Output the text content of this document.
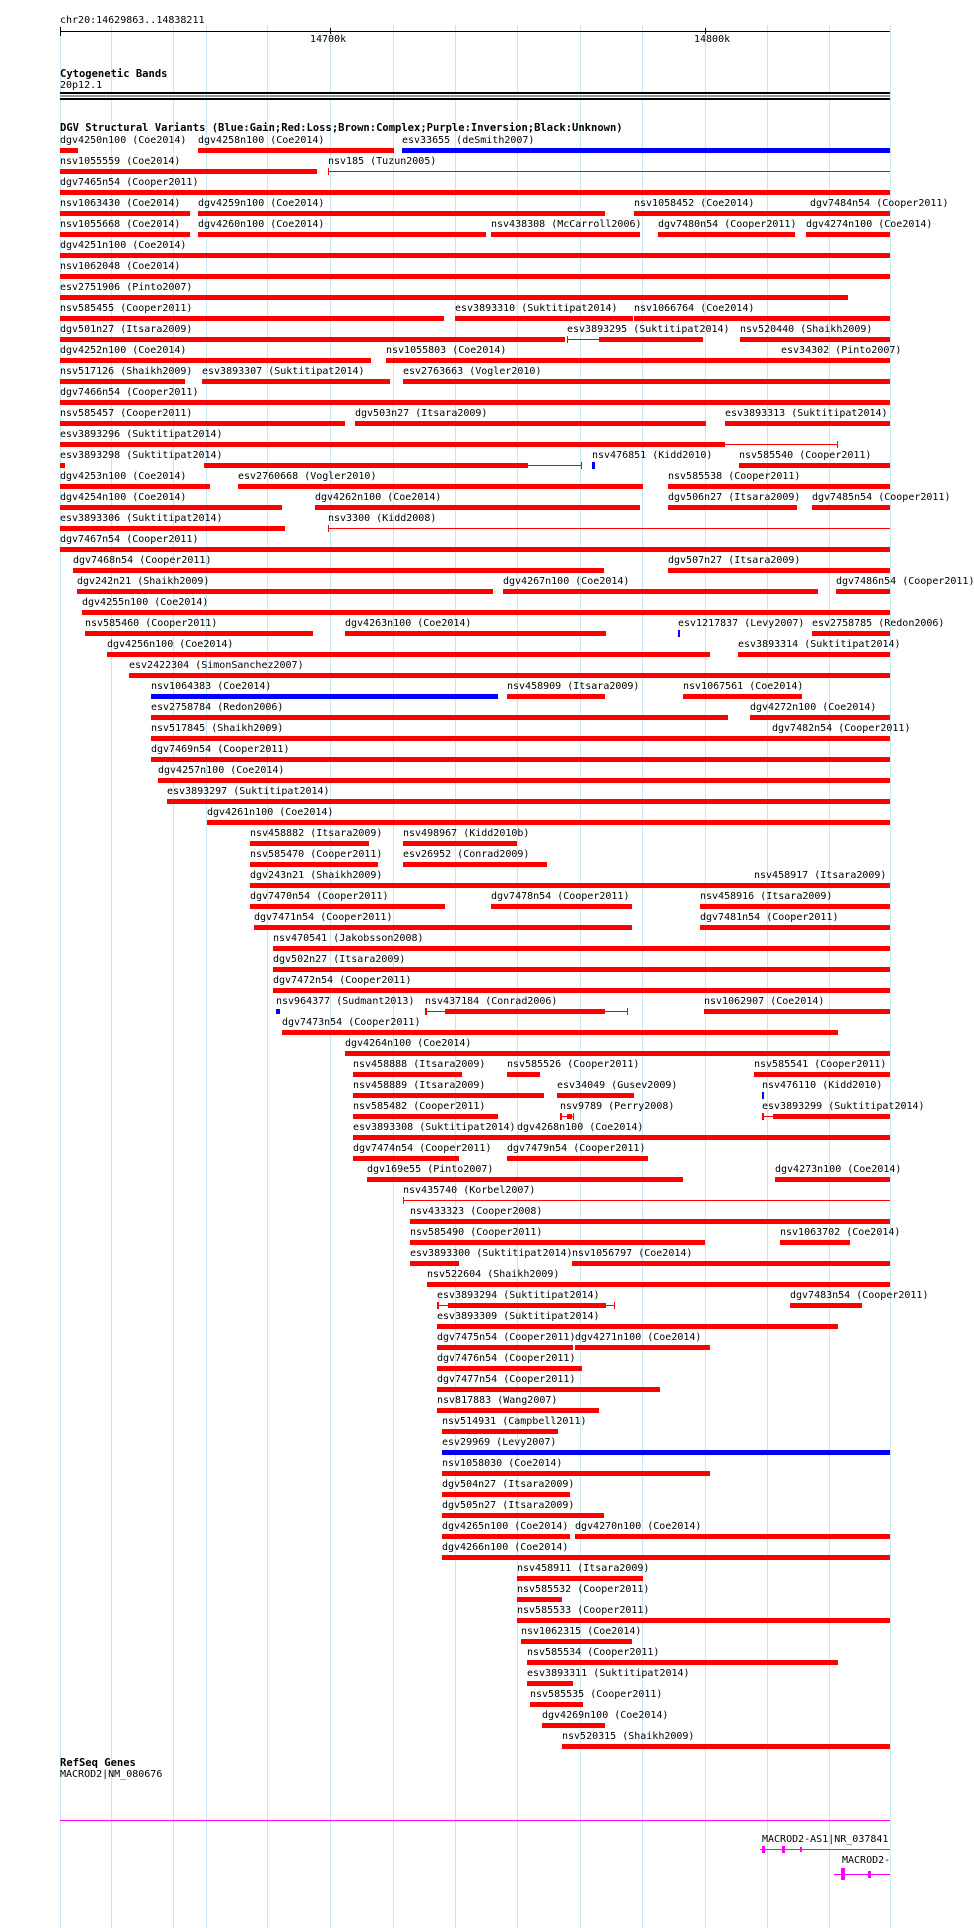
chr20:14629863..14838211
14700k	14800k
Cytogenetic Bands
20p12.1
DGV Structural Variants (Blue:Gain;Red:Loss;Brown:Complex;Purple:Inversion;Black:Unknown)
dgv4250n100 (Coe2014) dgv4258n100 (Coe2014)	esv33655 (deSmith2007)
nsv1055559 (Coe2014)	nsv185 (Tuzun2005)
dgv7465n54 (Cooper2011)
nsv1063430 (Coe2014) dgv4259n100 (Coe2014)	nsv1058452 (Coe2014)	dgv7484n54 (Cooper2011)
nsv1055668 (Coe2014) dgv4260n100 (Coe2014)	nsv438308 (McCarroll2006) dgv7480n54 (Cooper2011) dgv4274n100 (Coe2014)
dgv4251n100 (Coe2014)
nsv1062048 (Coe2014)
esv2751906 (Pinto2007)
nsv585455 (Cooper2011)	esv3893310 (Suktitipat2014) nsv1066764 (Coe2014)
dgv501n27 (Itsara2009)	esv3893295 (Suktitipat2014) nsv520440 (Shaikh2009)
dgv4252n100 (Coe2014)	nsv1055803 (Coe2014)	esv34302 (Pinto2007)
nsv517126 (Shaikh2009) esv3893307 (Suktitipat2014)	esv2763663 (Vogler2010)
dgv7466n54 (Cooper2011)
nsv585457 (Cooper2011)	dgv503n27 (Itsara2009)	esv3893313 (Suktitipat2014)
esv3893296 (Suktitipat2014)
esv3893298 (Suktitipat2014)	nsv476851 (Kidd2010)	nsv585540 (Cooper2011)
dgv4253n100 (Coe2014)	esv2760668 (Vogler2010)	nsv585538 (Cooper2011)
dgv4254n100 (Coe2014)	dgv4262n100 (Coe2014)	dgv506n27 (Itsara2009) dgv7485n54 (Cooper2011)
esv3893306 (Suktitipat2014)	nsv3300 (Kidd2008)
dgv7467n54 (Cooper2011)
dgv7468n54 (Cooper2011)	dgv507n27 (Itsara2009)
dgv242n21 (Shaikh2009)	dgv4267n100 (Coe2014)	dgv7486n54 (Cooper2011)
dgv4255n100 (Coe2014)
nsv585460 (Cooper2011)	dgv4263n100 (Coe2014)	esv1217837 (Levy2007) esv2758785 (Redon2006)
dgv4256n100 (Coe2014)	esv3893314 (Suktitipat2014)
esv2422304 (SimonSanchez2007)
nsv1064383 (Coe2014)	nsv458909 (Itsara2009)	nsv1067561 (Coe2014)
esv2758784 (Redon2006)	dgv4272n100 (Coe2014)
nsv517845 (Shaikh2009)	dgv7482n54 (Cooper2011)
dgv7469n54 (Cooper2011)
dgv4257n100 (Coe2014)
esv3893297 (Suktitipat2014)
dgv4261n100 (Coe2014)
nsv458882 (Itsara2009) nsv498967 (Kidd2010b)
nsv585470 (Cooper2011) esv26952 (Conrad2009)
dgv243n21 (Shaikh2009)	nsv458917 (Itsara2009)
dgv7470n54 (Cooper2011)	dgv7478n54 (Cooper2011)	nsv458916 (Itsara2009)
dgv7471n54 (Cooper2011)	dgv7481n54 (Cooper2011)
nsv470541 (Jakobsson2008)
dgv502n27 (Itsara2009)
dgv7472n54 (Cooper2011)
nsv964377 (Sudmant2013) nsv437184 (Conrad2006)	nsv1062907 (Coe2014)
dgv7473n54 (Cooper2011)
dgv4264n100 (Coe2014)
nsv458888 (Itsara2009) nsv585526 (Cooper2011)	nsv585541 (Cooper2011)
nsv458889 (Itsara2009)	esv34049 (Gusev2009)	nsv476110 (Kidd2010)
nsv585482 (Cooper2011)	nsv9789 (Perry2008)	esv3893299 (Suktitipat2014)
esv3893308 (Suktitipat2014) dgv4268n100 (Coe2014)
dgv7474n54 (Cooper2011) dgv7479n54 (Cooper2011)
dgv169e55 (Pinto2007)	dgv4273n100 (Coe2014)
nsv435740 (Korbel2007)
nsv433323 (Cooper2008)
nsv585490 (Cooper2011)	nsv1063702 (Coe2014)
esv3893300 (Suktitipat2014) nsv1056797 (Coe2014)
nsv522604 (Shaikh2009)
esv3893294 (Suktitipat2014)	dgv7483n54 (Cooper2011)
esv3893309 (Suktitipat2014)
dgv7475n54 (Cooper2011) dgv4271n100 (Coe2014)
dgv7476n54 (Cooper2011)
dgv7477n54 (Cooper2011)
nsv817883 (Wang2007)
nsv514931 (Campbell2011)
esv29969 (Levy2007)
nsv1058030 (Coe2014)
dgv504n27 (Itsara2009)
dgv505n27 (Itsara2009)
dgv4265n100 (Coe2014) dgv4270n100 (Coe2014)
dgv4266n100 (Coe2014)
nsv458911 (Itsara2009)
nsv585532 (Cooper2011)
nsv585533 (Cooper2011)
nsv1062315 (Coe2014)
nsv585534 (Cooper2011)
esv3893311 (Suktitipat2014)
nsv585535 (Cooper2011)
dgv4269n100 (Coe2014)
nsv520315 (Shaikh2009)
RefSeq Genes
MACROD2|NM_080676
MACROD2-AS1|NR_037841
MACROD2-
